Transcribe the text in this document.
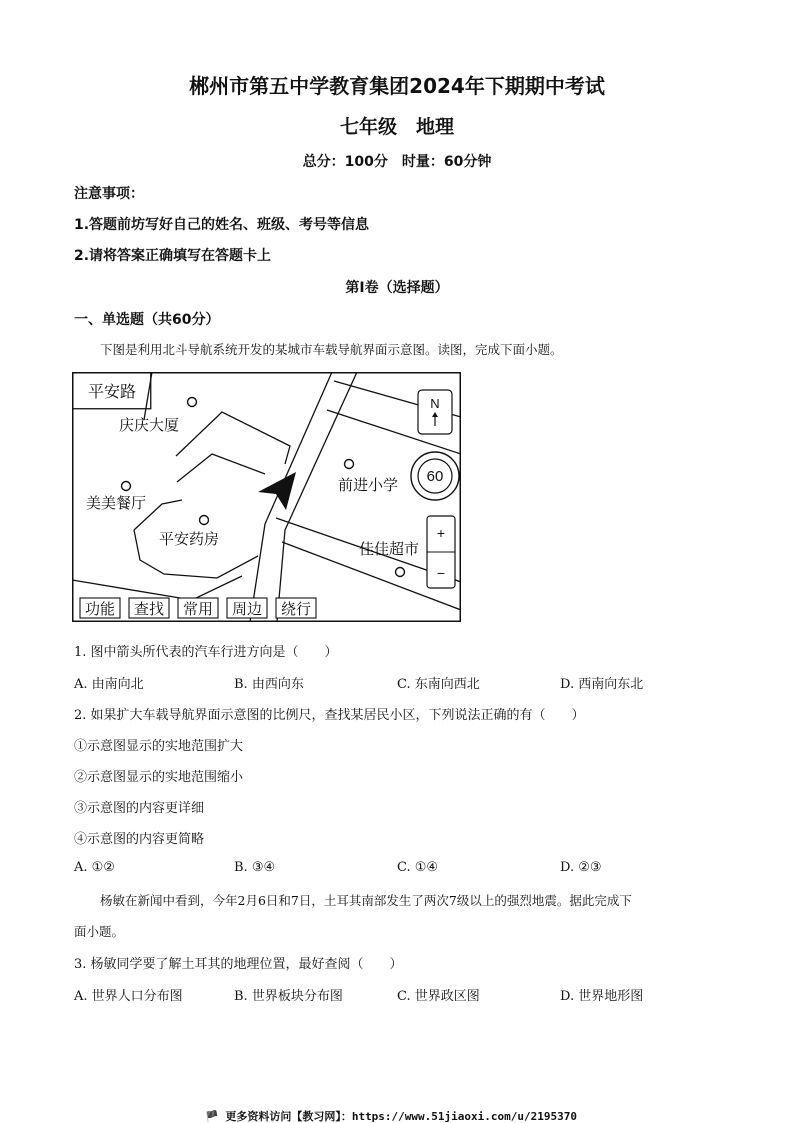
郴州市第五中学教育集团2024年下期期中考试
七年级　地理
总分：100分　时量：60分钟
注意事项：
1.答题前坊写好自己的姓名、班级、考号等信息
2.请将答案正确填写在答题卡上
第Ⅰ卷（选择题）
一、单选题（共60分）
下图是利用北斗导航系统开发的某城市车载导航界面示意图。读图，完成下面小题。
N
60
+
−
平安路
庆庆大厦
美美餐厅
平安药房
前进小学
佳佳超市
功能 查找 常用 周边 绕行
1. 图中箭头所代表的汽车行进方向是（　　）
A. 由南向北	B. 由西向东	C. 东南向西北	D. 西南向东北
2. 如果扩大车载导航界面示意图的比例尺，查找某居民小区，下列说法正确的有（　　）
①示意图显示的实地范围扩大
②示意图显示的实地范围缩小
③示意图的内容更详细
④示意图的内容更简略
A. ①②	B. ③④	C. ①④	D. ②③
杨敏在新闻中看到，今年2月6日和7日，土耳其南部发生了两次7级以上的强烈地震。据此完成下
面小题。
3. 杨敏同学要了解土耳其的地理位置，最好查阅（　　）
A. 世界人口分布图	B. 世界板块分布图	C. 世界政区图	D. 世界地形图
🏴 更多资料访问【教习网】：https://www.51jiaoxi.com/u/2195370
